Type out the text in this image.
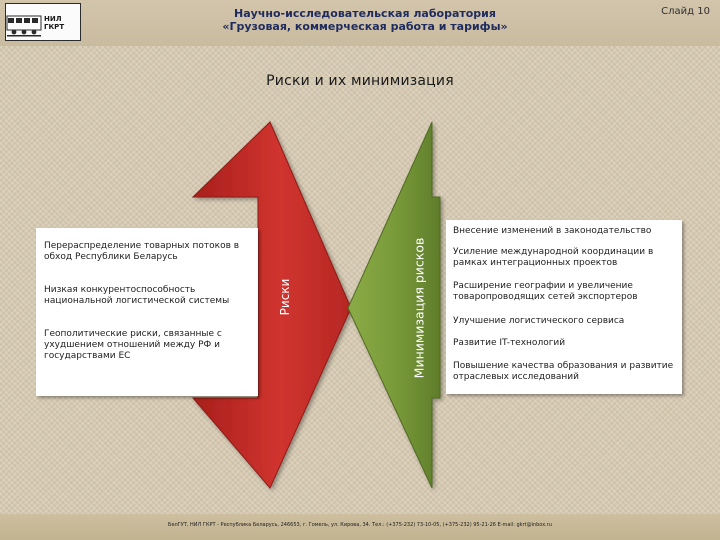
НИЛ ГКРТ
Научно-исследовательская лаборатория
«Грузовая, коммерческая работа и тарифы»
Слайд 10
Риски и их минимизация
Риски	Минимизация рисков
Перераспределение товарных потоков в обход Республики Беларусь
Низкая конкурентоспособность национальной логистической системы
Геополитические риски, связанные с ухудшением отношений между РФ и государствами ЕС
Внесение изменений в законодательство
Усиление международной координации в рамках интеграционных проектов
Расширение географии и увеличение товаропроводящих сетей экспортеров
Улучшение логистического сервиса
Развитие IT-технологий
Повышение качества образования и развитие отраслевых исследований
БелГУТ, НИЛ ГКРТ - Республика Беларусь, 246653, г. Гомель, ул. Кирова, 34. Тел.: (+375-232) 73-10-05, (+375-232) 95-21-26 E-mail: gkrt@inbox.ru
